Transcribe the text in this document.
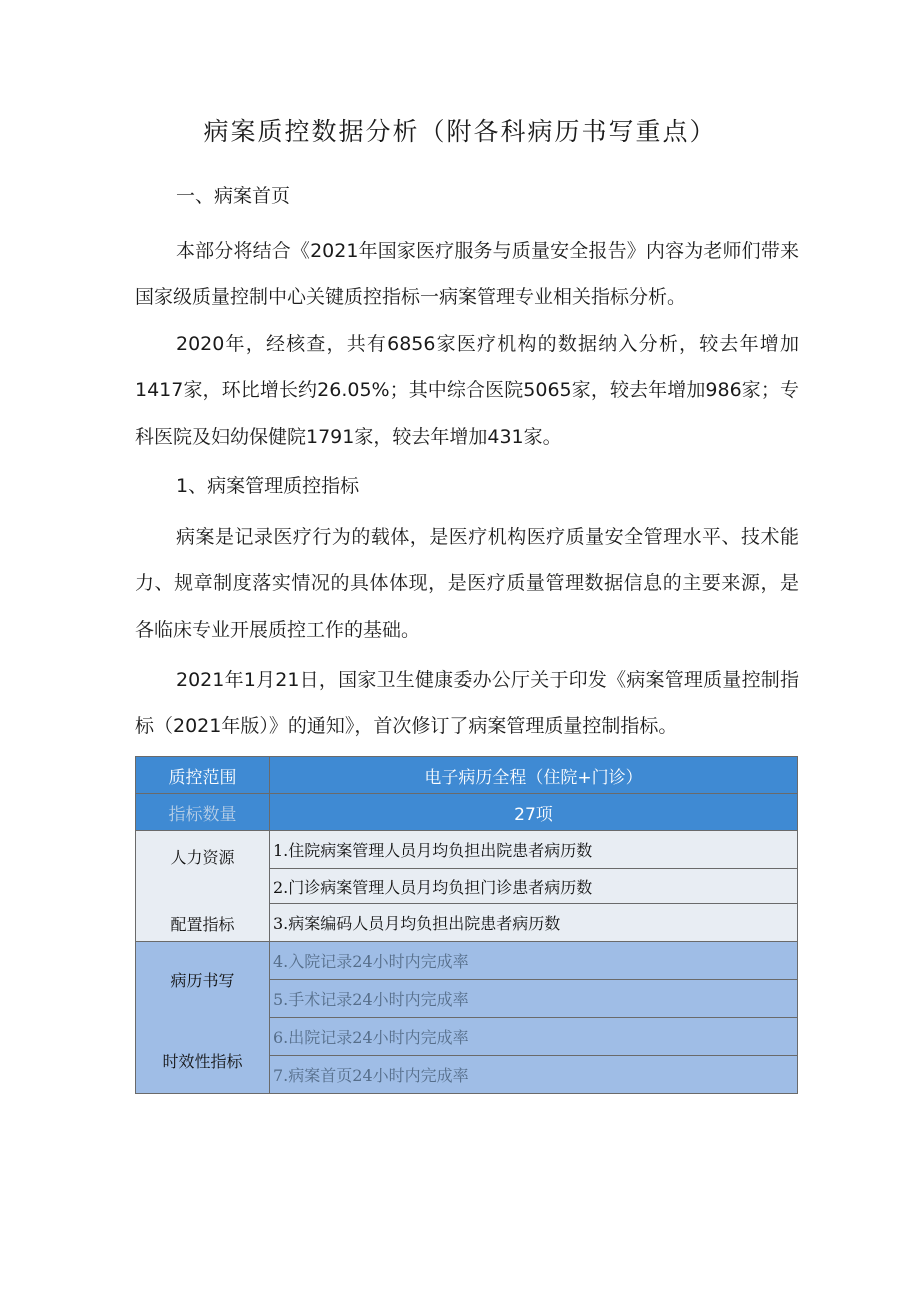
病案质控数据分析（附各科病历书写重点）
一、病案首页
本部分将结合《2021年国家医疗服务与质量安全报告》内容为老师们带来国家级质量控制中心关键质控指标一病案管理专业相关指标分析。
2020年，经核查，共有6856家医疗机构的数据纳入分析，较去年增加1417家，环比增长约26.05%；其中综合医院5065家，较去年增加986家；专科医院及妇幼保健院1791家，较去年增加431家。
1、病案管理质控指标
病案是记录医疗行为的载体，是医疗机构医疗质量安全管理水平、技术能力、规章制度落实情况的具体体现，是医疗质量管理数据信息的主要来源，是各临床专业开展质控工作的基础。
2021年1月21日，国家卫生健康委办公厅关于印发《病案管理质量控制指标（2021年版）》的通知》，首次修订了病案管理质量控制指标。
质控范围	电子病历全程（住院+门诊）
指标数量	27项

人力资源
配置指标	1.住院病案管理人员月均负担出院患者病历数
	2.门诊病案管理人员月均负担门诊患者病历数
	3.病案编码人员月均负担出院患者病历数

病历书写
时效性指标	4.入院记录24小时内完成率
	5.手术记录24小时内完成率
	6.出院记录24小时内完成率
	7.病案首页24小时内完成率
